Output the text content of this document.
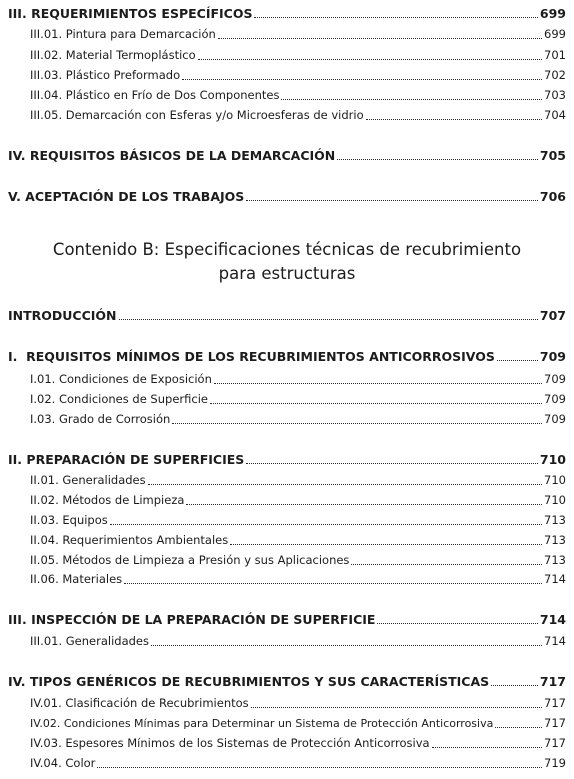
III.
REQUERIMIENTOS ESPECÍFICOS	699
III.01. Pintura para Demarcación	699
III.02. Material Termoplástico	701
III.03. Plástico Preformado	702
III.04. Plástico en Frío de Dos Componentes	703
III.05. Demarcación con Esferas y/o Microesferas de vidrio	704
IV.
REQUISITOS BÁSICOS DE LA DEMARCACIÓN	705
V.
ACEPTACIÓN DE LOS TRABAJOS	706
Contenido B: Especificaciones técnicas de recubrimiento
para estructuras
INTRODUCCIÓN	707
I.
REQUISITOS MÍNIMOS DE LOS RECUBRIMIENTOS ANTICORROSIVOS	709
I.01. Condiciones de Exposición	709
I.02. Condiciones de Superficie	709
I.03. Grado de Corrosión	709
II.
PREPARACIÓN DE SUPERFICIES	710
II.01. Generalidades	710
II.02. Métodos de Limpieza	710
II.03. Equipos	713
II.04. Requerimientos Ambientales	713
II.05. Métodos de Limpieza a Presión y sus Aplicaciones	713
II.06. Materiales	714
III.
INSPECCIÓN DE LA PREPARACIÓN DE SUPERFICIE	714
III.01. Generalidades	714
IV.
TIPOS GENÉRICOS DE RECUBRIMIENTOS Y SUS CARACTERÍSTICAS	717
IV.01. Clasificación de Recubrimientos	717
IV.02. Condiciones Mínimas para Determinar un Sistema de Protección Anticorrosiva	717
IV.03. Espesores Mínimos de los Sistemas de Protección Anticorrosiva	717
IV.04. Color	719
